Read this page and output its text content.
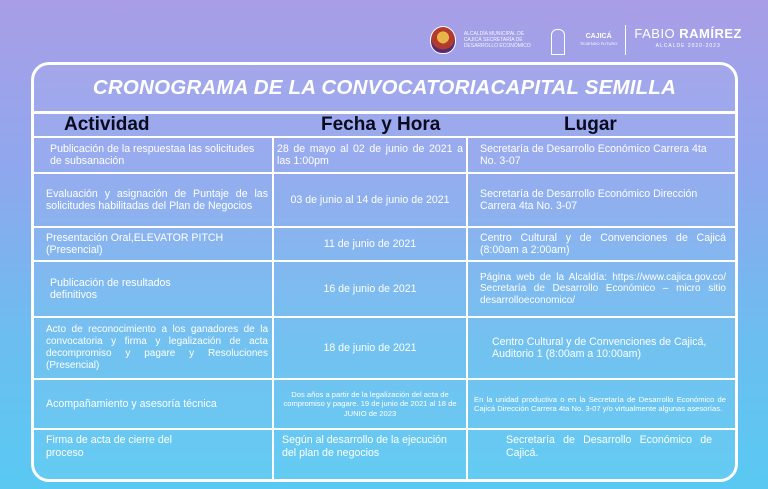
ALCALDÍA MUNICIPAL DE CAJICÁ SECRETARÍA DE DESARROLLO ECONÓMICO
CAJICÁ
TEJIENDO FUTURO
FABIO RAMÍREZ
ALCALDE 2020-2023
CRONOGRAMA DE LA CONVOCATORIACAPITAL SEMILLA
Actividad	Fecha y Hora	Lugar
Publicación de la respuestaa las solicitudes de subsanación
28 de mayo al 02 de junio de 2021 a las 1:00pm
Secretaría de Desarrollo Económico Carrera 4ta No. 3-07
Evaluación y asignación de Puntaje de las solicitudes habilitadas del Plan de Negocios
03 de junio al 14 de junio de 2021
Secretaría de Desarrollo Económico Dirección Carrera 4ta No. 3-07
Presentación Oral,ELEVATOR PITCH (Presencial)
11 de junio de 2021
Centro Cultural y de Convenciones de Cajicá (8:00am a 2:00am)
Publicación de resultados definitivos
16 de junio de 2021
Página web de la Alcaldía: https://www.cajica.gov.co/ Secretaría de Desarrollo Económico – micro sitio desarrolloeconomico/
Acto de reconocimiento a los ganadores de la convocatoria y firma y legalización de acta decompromiso y pagare y Resoluciones (Presencial)
18 de junio de 2021
Centro Cultural y de Convenciones de Cajicá, Auditorio 1 (8:00am a 10:00am)
Acompañamiento y asesoría técnica
Dos años a partir de la legalización del acta de compromiso y pagare. 19 de junio de 2021 al 18 de JUNIO de 2023
En la unidad productiva o en la Secretaría de Desarrollo Económico de Cajicá Dirección Carrera 4ta No. 3-07 y/o virtualmente algunas asesorías.
Firma de acta de cierre del proceso
Según al desarrollo de la ejecución del plan de negocios
Secretaría de Desarrollo Económico de Cajicá.
